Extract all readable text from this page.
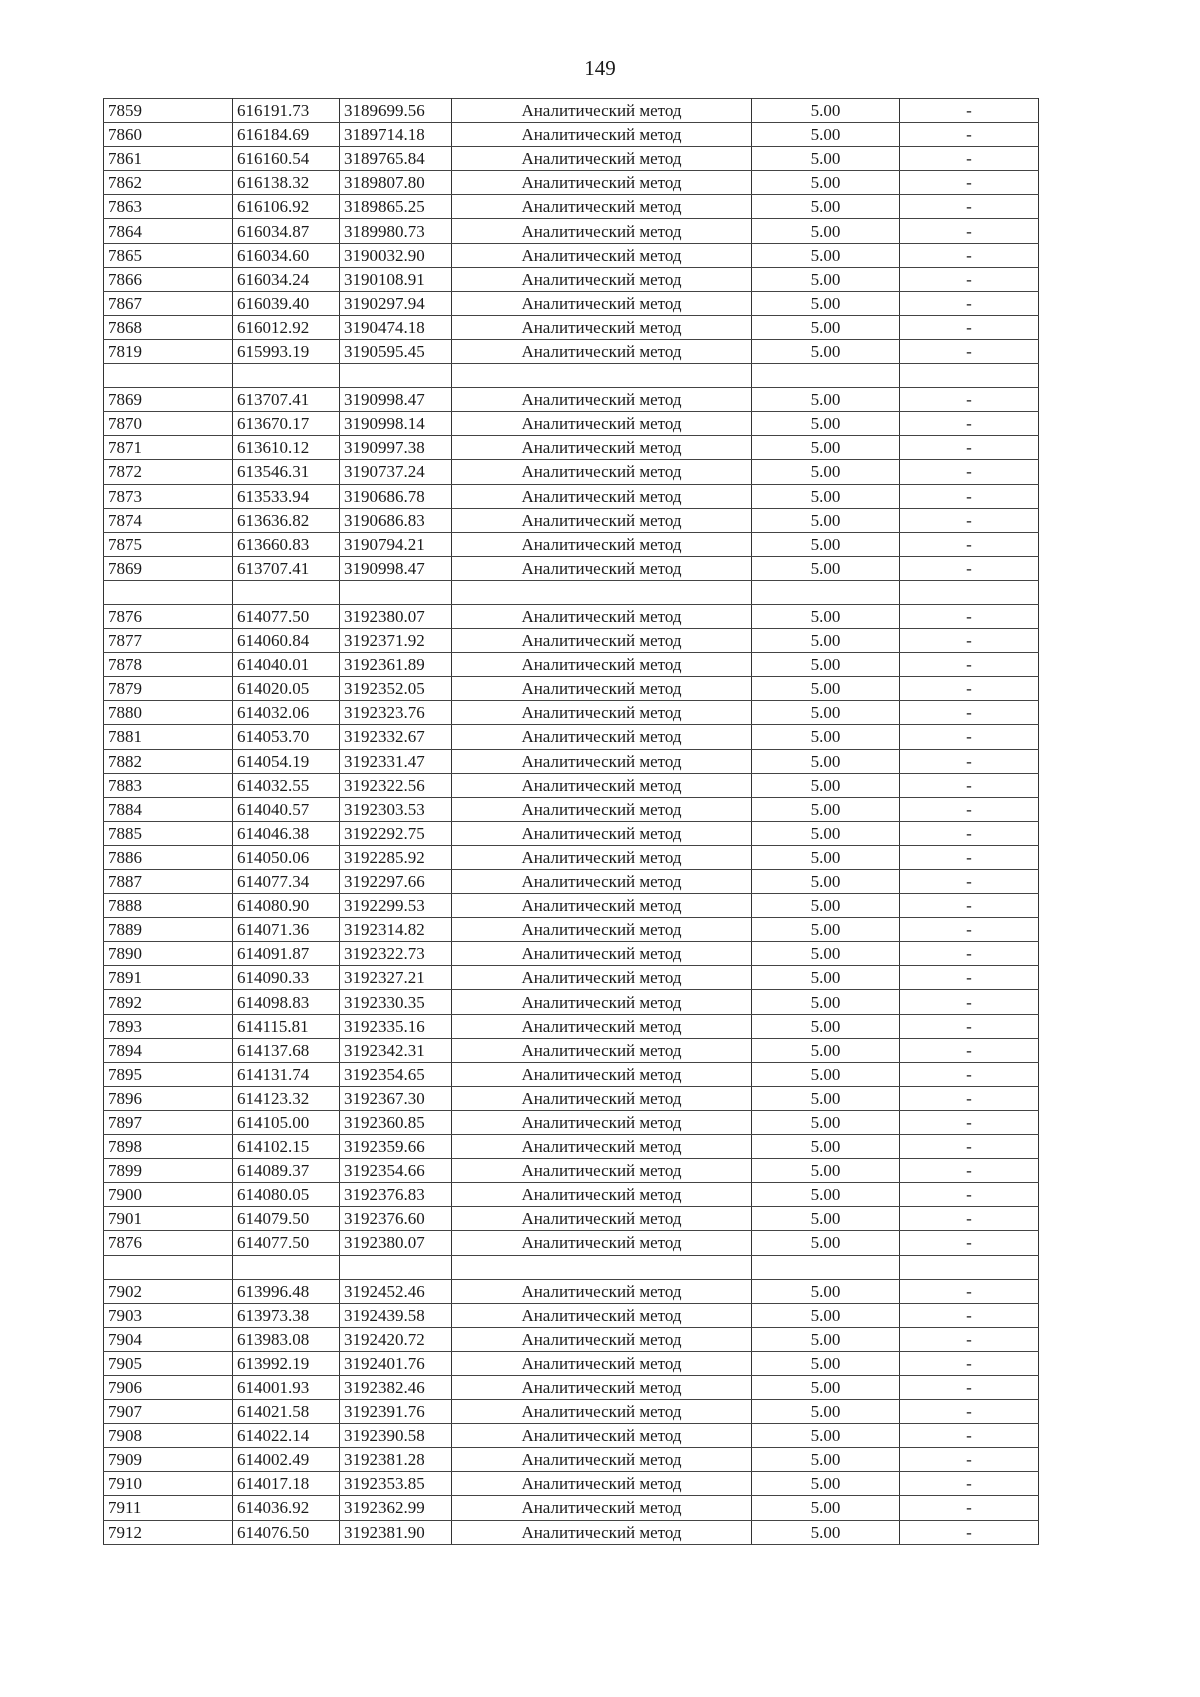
149
7859	616191.73	3189699.56	Аналитический метод	5.00	-
7860	616184.69	3189714.18	Аналитический метод	5.00	-
7861	616160.54	3189765.84	Аналитический метод	5.00	-
7862	616138.32	3189807.80	Аналитический метод	5.00	-
7863	616106.92	3189865.25	Аналитический метод	5.00	-
7864	616034.87	3189980.73	Аналитический метод	5.00	-
7865	616034.60	3190032.90	Аналитический метод	5.00	-
7866	616034.24	3190108.91	Аналитический метод	5.00	-
7867	616039.40	3190297.94	Аналитический метод	5.00	-
7868	616012.92	3190474.18	Аналитический метод	5.00	-
7819	615993.19	3190595.45	Аналитический метод	5.00	-

7869	613707.41	3190998.47	Аналитический метод	5.00	-
7870	613670.17	3190998.14	Аналитический метод	5.00	-
7871	613610.12	3190997.38	Аналитический метод	5.00	-
7872	613546.31	3190737.24	Аналитический метод	5.00	-
7873	613533.94	3190686.78	Аналитический метод	5.00	-
7874	613636.82	3190686.83	Аналитический метод	5.00	-
7875	613660.83	3190794.21	Аналитический метод	5.00	-
7869	613707.41	3190998.47	Аналитический метод	5.00	-

7876	614077.50	3192380.07	Аналитический метод	5.00	-
7877	614060.84	3192371.92	Аналитический метод	5.00	-
7878	614040.01	3192361.89	Аналитический метод	5.00	-
7879	614020.05	3192352.05	Аналитический метод	5.00	-
7880	614032.06	3192323.76	Аналитический метод	5.00	-
7881	614053.70	3192332.67	Аналитический метод	5.00	-
7882	614054.19	3192331.47	Аналитический метод	5.00	-
7883	614032.55	3192322.56	Аналитический метод	5.00	-
7884	614040.57	3192303.53	Аналитический метод	5.00	-
7885	614046.38	3192292.75	Аналитический метод	5.00	-
7886	614050.06	3192285.92	Аналитический метод	5.00	-
7887	614077.34	3192297.66	Аналитический метод	5.00	-
7888	614080.90	3192299.53	Аналитический метод	5.00	-
7889	614071.36	3192314.82	Аналитический метод	5.00	-
7890	614091.87	3192322.73	Аналитический метод	5.00	-
7891	614090.33	3192327.21	Аналитический метод	5.00	-
7892	614098.83	3192330.35	Аналитический метод	5.00	-
7893	614115.81	3192335.16	Аналитический метод	5.00	-
7894	614137.68	3192342.31	Аналитический метод	5.00	-
7895	614131.74	3192354.65	Аналитический метод	5.00	-
7896	614123.32	3192367.30	Аналитический метод	5.00	-
7897	614105.00	3192360.85	Аналитический метод	5.00	-
7898	614102.15	3192359.66	Аналитический метод	5.00	-
7899	614089.37	3192354.66	Аналитический метод	5.00	-
7900	614080.05	3192376.83	Аналитический метод	5.00	-
7901	614079.50	3192376.60	Аналитический метод	5.00	-
7876	614077.50	3192380.07	Аналитический метод	5.00	-

7902	613996.48	3192452.46	Аналитический метод	5.00	-
7903	613973.38	3192439.58	Аналитический метод	5.00	-
7904	613983.08	3192420.72	Аналитический метод	5.00	-
7905	613992.19	3192401.76	Аналитический метод	5.00	-
7906	614001.93	3192382.46	Аналитический метод	5.00	-
7907	614021.58	3192391.76	Аналитический метод	5.00	-
7908	614022.14	3192390.58	Аналитический метод	5.00	-
7909	614002.49	3192381.28	Аналитический метод	5.00	-
7910	614017.18	3192353.85	Аналитический метод	5.00	-
7911	614036.92	3192362.99	Аналитический метод	5.00	-
7912	614076.50	3192381.90	Аналитический метод	5.00	-
